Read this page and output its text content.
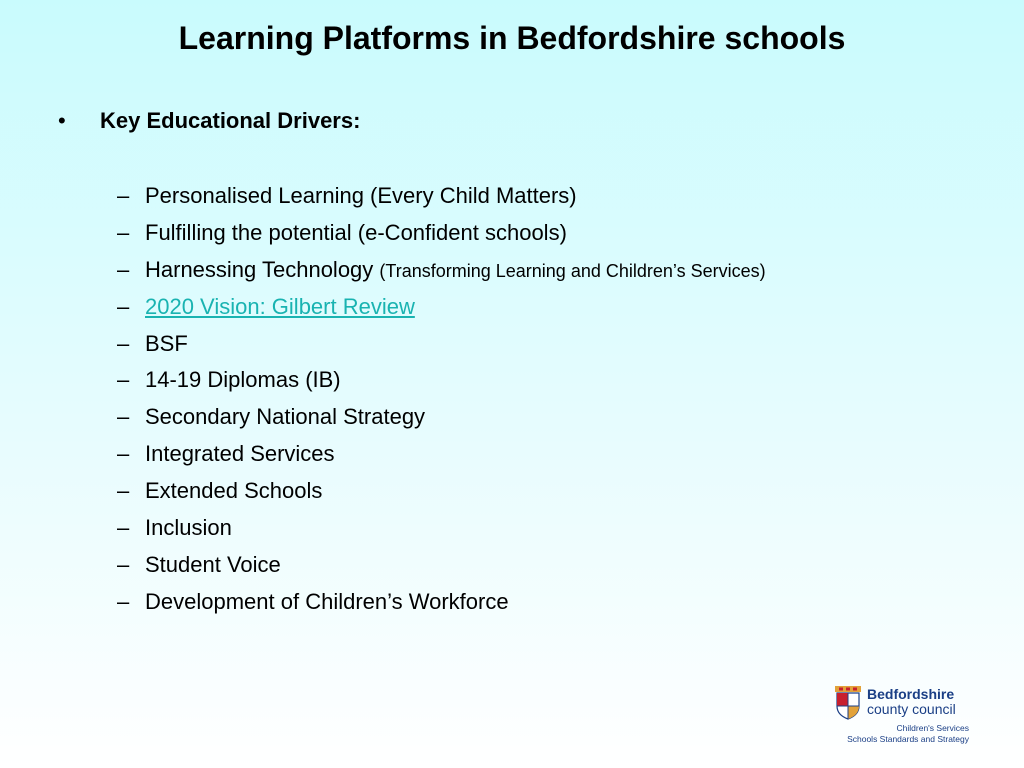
Learning Platforms in Bedfordshire schools
•	Key Educational Drivers:
– Personalised Learning (Every Child Matters)
– Fulfilling the potential (e-Confident schools)
– Harnessing Technology (Transforming Learning and Children’s Services)
– 2020 Vision: Gilbert Review
– BSF
– 14-19 Diplomas (IB)
– Secondary National Strategy
– Integrated Services
– Extended Schools
– Inclusion
– Student Voice
– Development of Children’s Workforce
Bedfordshire
county council
Children's Services
Schools Standards and Strategy
